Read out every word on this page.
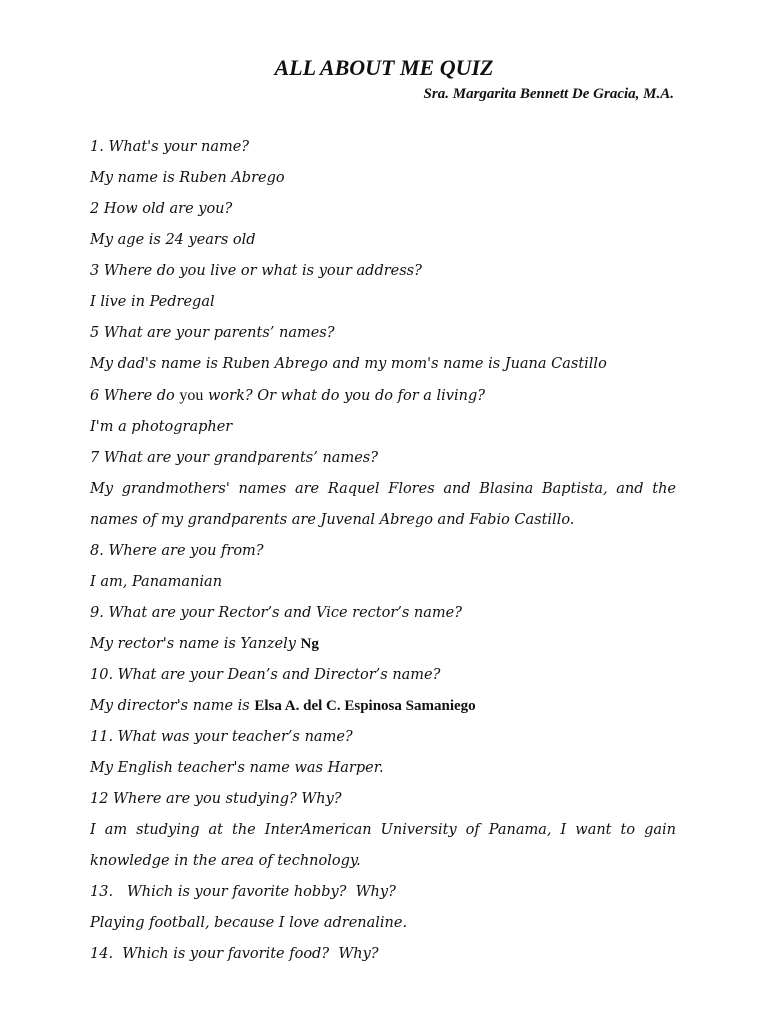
ALL ABOUT ME QUIZ

Sra. Margarita Bennett De Gracia, M.A.

1. What's your name?

My name is Ruben Abrego

2 How old are you?

My age is 24 years old

3 Where do you live or what is your address?

I live in Pedregal

5 What are your parents’ names?

My dad's name is Ruben Abrego and my mom's name is Juana Castillo

6 Where do you work? Or what do you do for a living?

I'm a photographer

7 What are your grandparents’ names?

My grandmothers' names are Raquel Flores and Blasina Baptista, and the names of my grandparents are Juvenal Abrego and Fabio Castillo.

8. Where are you from?

I am, Panamanian

9. What are your Rector’s and Vice rector’s name?

My rector's name is Yanzely Ng

10. What are your Dean’s and Director’s name?

My director's name is Elsa A. del C. Espinosa Samaniego

11. What was your teacher’s name?

My English teacher's name was Harper.

12 Where are you studying? Why?

I am studying at the InterAmerican University of Panama, I want to gain knowledge in the area of technology.

13.   Which is your favorite hobby?  Why?

Playing football, because I love adrenaline.

14.  Which is your favorite food?  Why?
